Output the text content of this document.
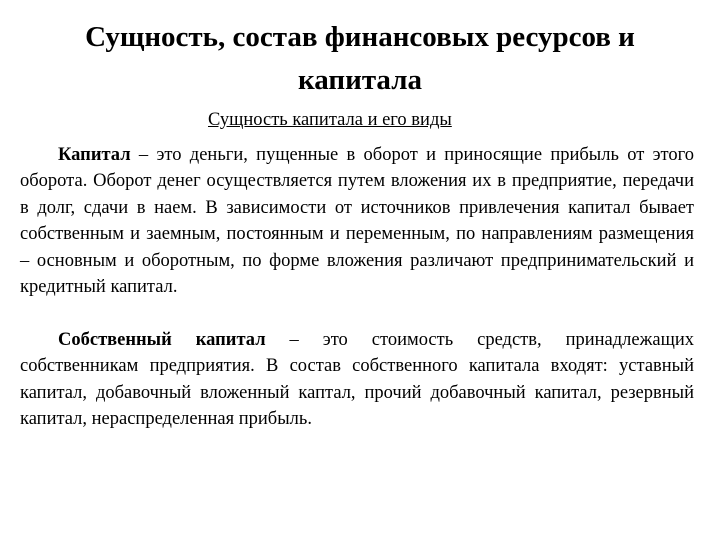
Сущность, состав финансовых ресурсов и капитала
Сущность капитала и его виды

Капитал – это деньги, пущенные в оборот и приносящие прибыль от этого оборота. Оборот денег осуществляется путем вложения их в предприятие, передачи в долг, сдачи в наем. В зависимости от источников привлечения капитал бывает собственным и заемным, постоянным и переменным, по направлениям размещения – основным и оборотным, по форме вложения различают предпринимательский и кредитный капитал.

Собственный капитал – это стоимость средств, принадлежащих собственникам предприятия. В состав собственного капитала входят: уставный капитал, добавочный вложенный каптал, прочий добавочный капитал, резервный капитал, нераспределенная прибыль.
